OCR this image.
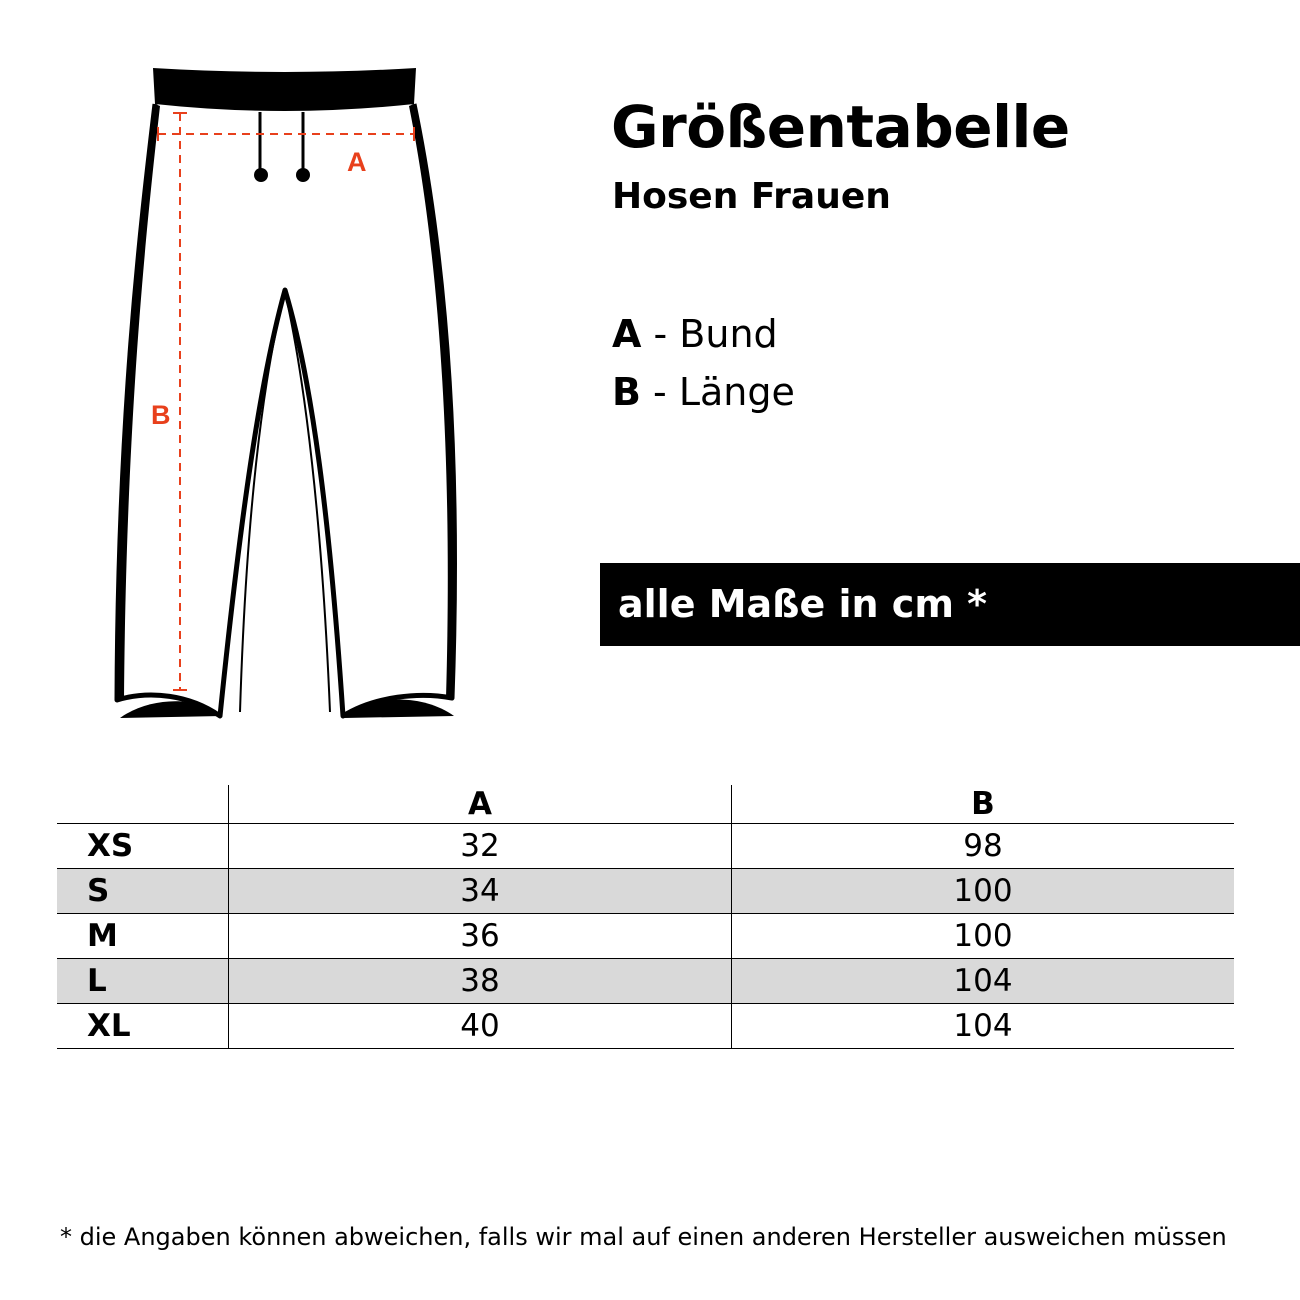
A
B
Größentabelle
Hosen Frauen
A - Bund
B - Länge
alle Maße in cm *
	A	B
XS	32	98
S	34	100
M	36	100
L	38	104
XL	40	104
* die Angaben können abweichen, falls wir mal auf einen anderen Hersteller ausweichen müssen
